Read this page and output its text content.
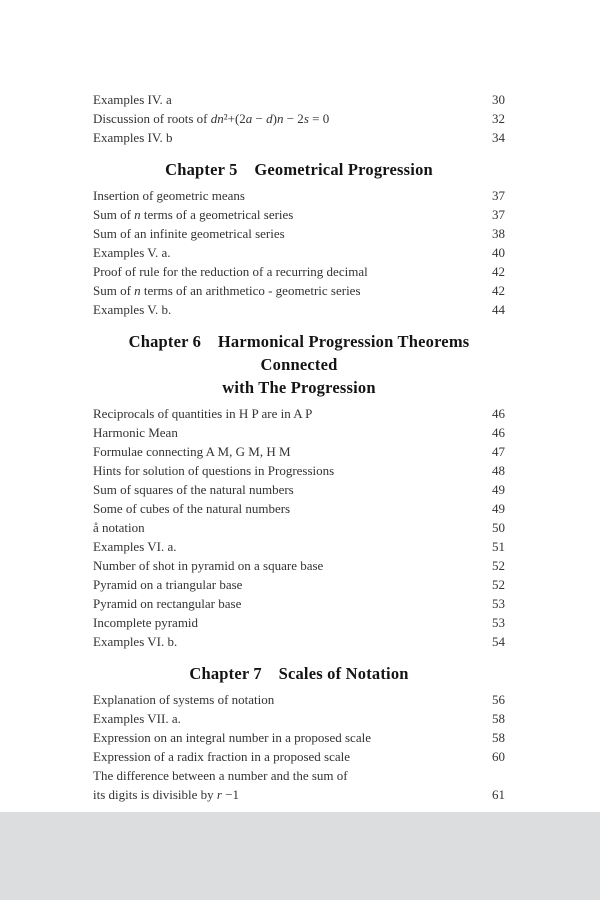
Examples IV. a	30
Discussion of roots of dn²+(2a − d)n − 2s = 0	32
Examples IV. b	34
Chapter 5 Geometrical Progression
Insertion of geometric means	37
Sum of n terms of a geometrical series	37
Sum of an infinite geometrical series	38
Examples V. a.	40
Proof of rule for the reduction of a recurring decimal	42
Sum of n terms of an arithmetico - geometric series	42
Examples V. b.	44
Chapter 6 Harmonical Progression Theorems Connected
with The Progression
Reciprocals of quantities in H P are in A P	46
Harmonic Mean	46
Formulae connecting A M, G M, H M	47
Hints for solution of questions in Progressions	48
Sum of squares of the natural numbers	49
Some of cubes of the natural numbers	49
å notation	50
Examples VI. a.	51
Number of shot in pyramid on a square base	52
Pyramid on a triangular base	52
Pyramid on rectangular base	53
Incomplete pyramid	53
Examples VI. b.	54
Chapter 7 Scales of Notation
Explanation of systems of notation	56
Examples VII. a.	58
Expression on an integral number in a proposed scale	58
Expression of a radix fraction in a proposed scale	60
The difference between a number and the sum of
its digits is divisible by r −1	61
